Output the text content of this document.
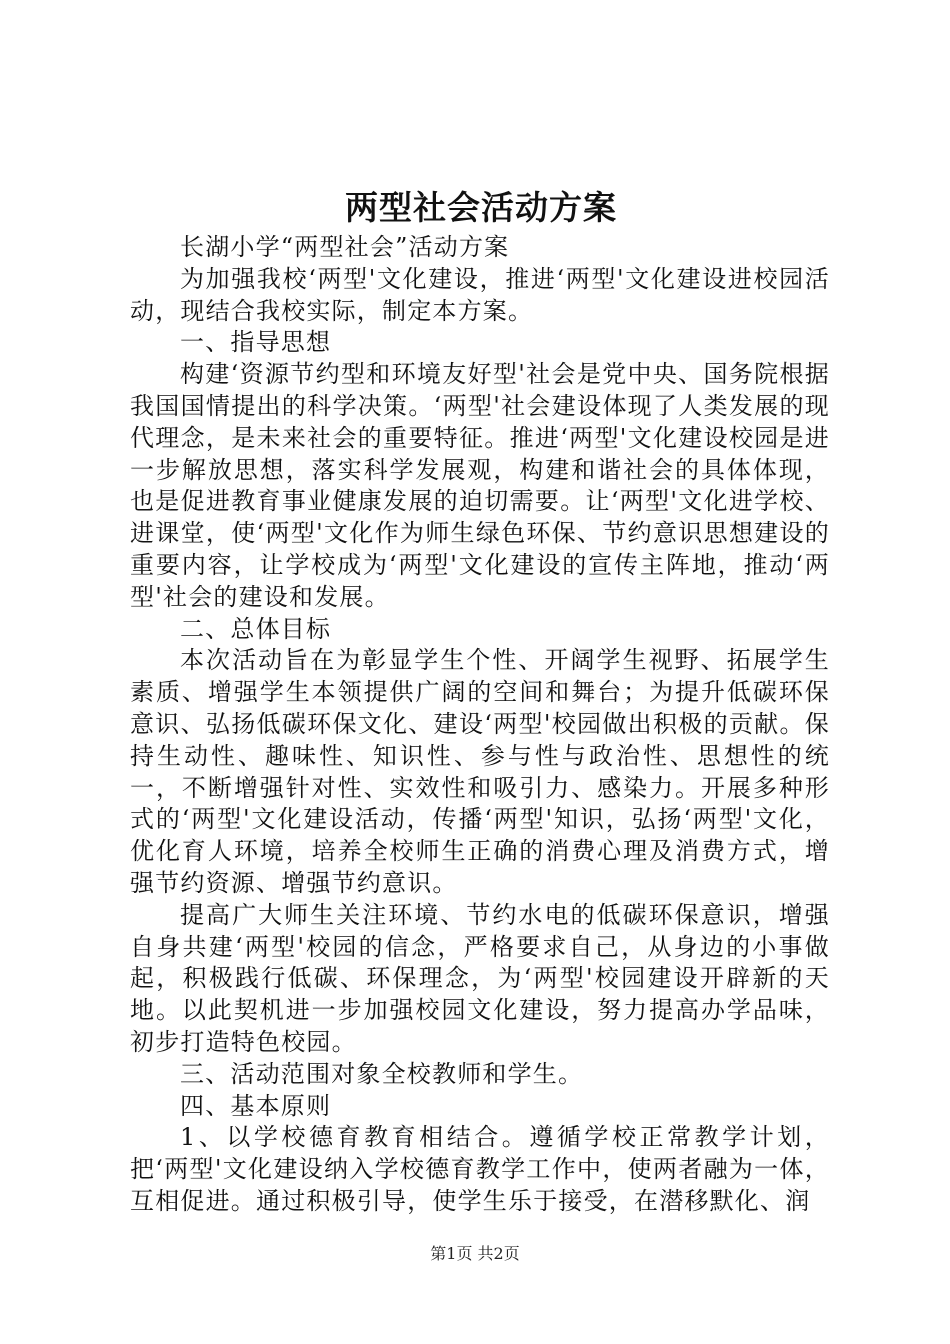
两型社会活动方案

长湖小学“两型社会”活动方案

为加强我校‘两型'文化建设，推进‘两型'文化建设进校园活动，现结合我校实际，制定本方案。

一、指导思想

构建‘资源节约型和环境友好型'社会是党中央、国务院根据我国国情提出的科学决策。‘两型'社会建设体现了人类发展的现代理念，是未来社会的重要特征。推进‘两型'文化建设校园是进一步解放思想，落实科学发展观，构建和谐社会的具体体现，也是促进教育事业健康发展的迫切需要。让‘两型'文化进学校、进课堂，使‘两型'文化作为师生绿色环保、节约意识思想建设的重要内容，让学校成为‘两型'文化建设的宣传主阵地，推动‘两型'社会的建设和发展。

二、总体目标

本次活动旨在为彰显学生个性、开阔学生视野、拓展学生素质、增强学生本领提供广阔的空间和舞台；为提升低碳环保意识、弘扬低碳环保文化、建设‘两型'校园做出积极的贡献。保持生动性、趣味性、知识性、参与性与政治性、思想性的统一，不断增强针对性、实效性和吸引力、感染力。开展多种形式的‘两型'文化建设活动，传播‘两型'知识，弘扬‘两型'文化，优化育人环境，培养全校师生正确的消费心理及消费方式，增强节约资源、增强节约意识。

提高广大师生关注环境、节约水电的低碳环保意识，增强自身共建‘两型'校园的信念，严格要求自己，从身边的小事做起，积极践行低碳、环保理念，为‘两型'校园建设开辟新的天地。以此契机进一步加强校园文化建设，努力提高办学品味，初步打造特色校园。

三、活动范围对象全校教师和学生。

四、基本原则

1、以学校德育教育相结合。遵循学校正常教学计划，把‘两型'文化建设纳入学校德育教学工作中，使两者融为一体，互相促进。通过积极引导，使学生乐于接受，在潜移默化、润

第1页 共2页
